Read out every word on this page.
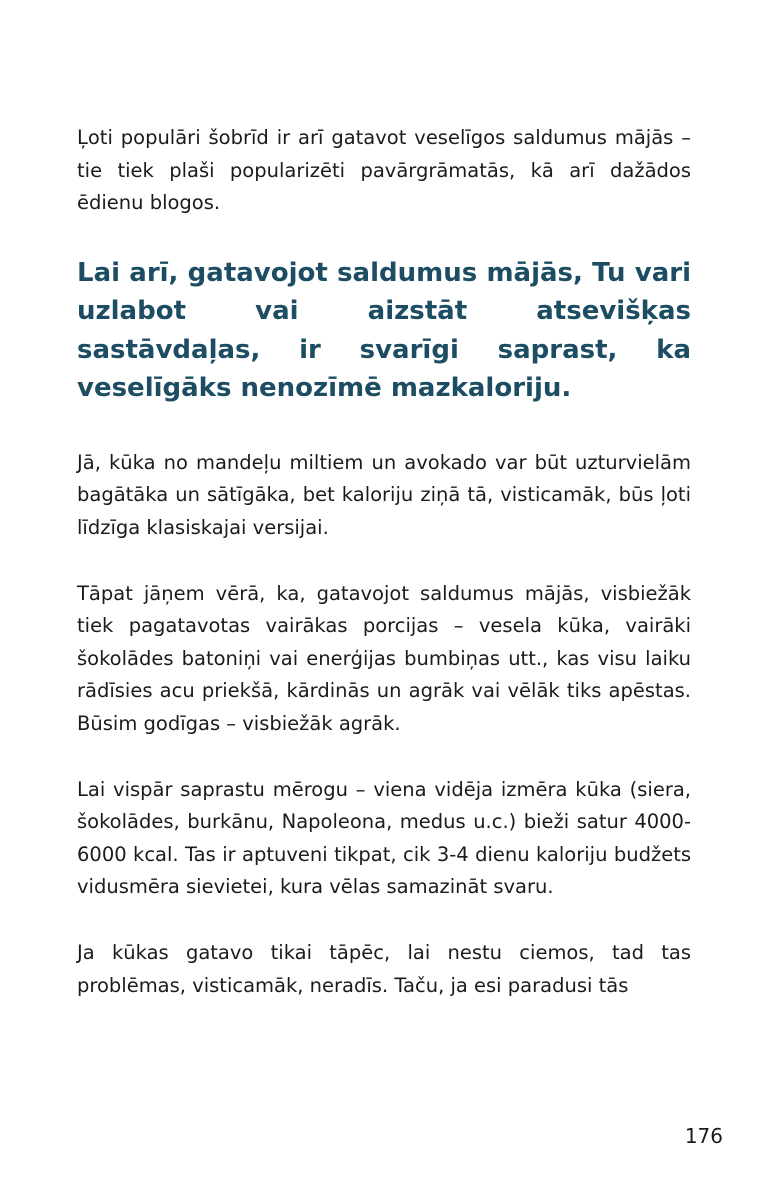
Ļoti populāri šobrīd ir arī gatavot veselīgos saldumus mājās – tie tiek plaši popularizēti pavārgrāmatās, kā arī dažādos ēdienu blogos.

Lai arī, gatavojot saldumus mājās, Tu vari uzlabot vai aizstāt atsevišķas sastāvdaļas, ir svarīgi saprast, ka veselīgāks nenozīmē mazkaloriju.

Jā, kūka no mandeļu miltiem un avokado var būt uzturvielām bagātāka un sātīgāka, bet kaloriju ziņā tā, visticamāk, būs ļoti līdzīga klasiskajai versijai.

Tāpat jāņem vērā, ka, gatavojot saldumus mājās, visbiežāk tiek pagatavotas vairākas porcijas – vesela kūka, vairāki šokolādes batoniņi vai enerģijas bumbiņas utt., kas visu laiku rādīsies acu priekšā, kārdinās un agrāk vai vēlāk tiks apēstas. Būsim godīgas – visbiežāk agrāk.

Lai vispār saprastu mērogu – viena vidēja izmēra kūka (siera, šokolādes, burkānu, Napoleona, medus u.c.) bieži satur 4000-6000 kcal. Tas ir aptuveni tikpat, cik 3-4 dienu kaloriju budžets vidusmēra sievietei, kura vēlas samazināt svaru.

Ja kūkas gatavo tikai tāpēc, lai nestu ciemos, tad tas problēmas, visticamāk, neradīs. Taču, ja esi paradusi tās

176
